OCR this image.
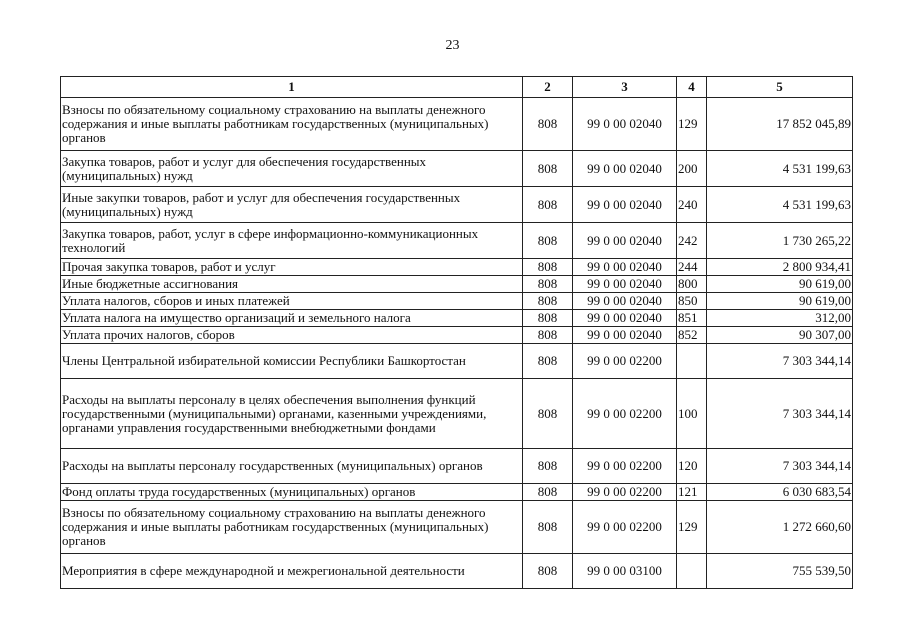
23
1	2	3	4	5
Взносы по обязательному социальному страхованию на выплаты денежного содержания и иные выплаты работникам государственных (муниципальных) органов	808	99 0 00 02040	129	17 852 045,89
Закупка товаров, работ и услуг для обеспечения государственных (муниципальных) нужд	808	99 0 00 02040	200	4 531 199,63
Иные закупки товаров, работ и услуг для обеспечения государственных (муниципальных) нужд	808	99 0 00 02040	240	4 531 199,63
Закупка товаров, работ, услуг в сфере информационно-коммуникационных технологий	808	99 0 00 02040	242	1 730 265,22
Прочая закупка товаров, работ и услуг	808	99 0 00 02040	244	2 800 934,41
Иные бюджетные ассигнования	808	99 0 00 02040	800	90 619,00
Уплата налогов, сборов и иных платежей	808	99 0 00 02040	850	90 619,00
Уплата налога на имущество организаций и земельного налога	808	99 0 00 02040	851	312,00
Уплата прочих налогов, сборов	808	99 0 00 02040	852	90 307,00
Члены Центральной избирательной комиссии Республики Башкортостан	808	99 0 00 02200		7 303 344,14
Расходы на выплаты персоналу в целях обеспечения выполнения функций государственными (муниципальными) органами, казенными учреждениями, органами управления государственными внебюджетными фондами	808	99 0 00 02200	100	7 303 344,14
Расходы на выплаты персоналу государственных (муниципальных) органов	808	99 0 00 02200	120	7 303 344,14
Фонд оплаты труда государственных (муниципальных) органов	808	99 0 00 02200	121	6 030 683,54
Взносы по обязательному социальному страхованию на выплаты денежного содержания и иные выплаты работникам государственных (муниципальных) органов	808	99 0 00 02200	129	1 272 660,60
Мероприятия в сфере международной и межрегиональной деятельности	808	99 0 00 03100		755 539,50
